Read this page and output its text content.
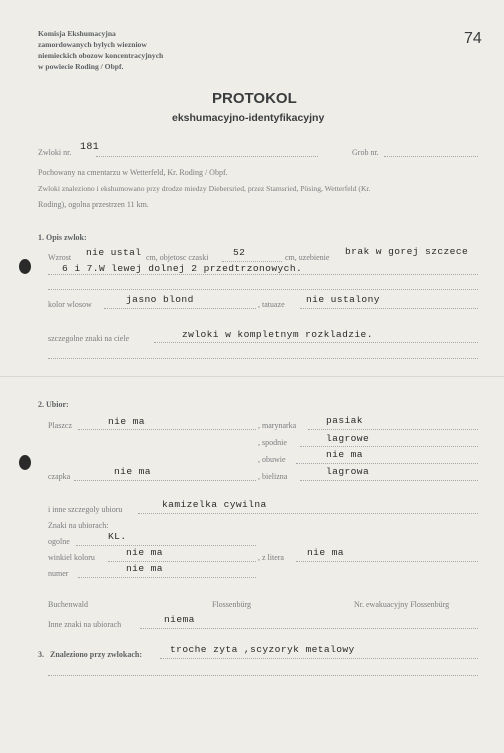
Komisja Ekshumacyjna
zamordowanych bylych wiezniow
niemieckich obozow koncentracyjnych
w powiecie Roding / Obpf.
74
PROTOKOL
ekshumacyjno-identyfikacyjny
Zwloki nr. 181	Grob nr.
Pochowany na cmentarzu w Wetterfeld, Kr. Roding / Obpf.
Zwloki znaleziono i ekshumowano przy drodze miedzy Diebersried, przez Stamsried, Pösing, Wetterfeld (Kr.
Roding), ogolna przestrzen 11 km.
1. Opis zwlok:
Wzrost nie ustal cm, objetosc czaski	52	cm, uzebienie
brak w gorej szczece
6 i 7.W lewej dolnej 2 przedtrzonowych.
kolor wlosow	jasno blond	, tatuaze nie ustalony
szczegolne znaki na ciele	zwloki w kompletnym rozkladzie.
2. Ubior:
Plaszcz	nie ma	, marynarka	pasiak
, spodnie	lagrowe
, obuwie	nie ma
czapka	nie ma	, bielizna	lagrowa
i inne szczegoly ubioru	kamizelka cywilna
Znaki na ubiorach:
ogolne	KL.
winkiel koloru	nie ma	, z litera nie ma
numer	nie ma
Buchenwald	Flossenbürg	Nr. ewakuacyjny Flossenbürg
Inne znaki na ubiorach	niema
3. Znaleziono przy zwlokach:	troche zyta ,scyzoryk metalowy
